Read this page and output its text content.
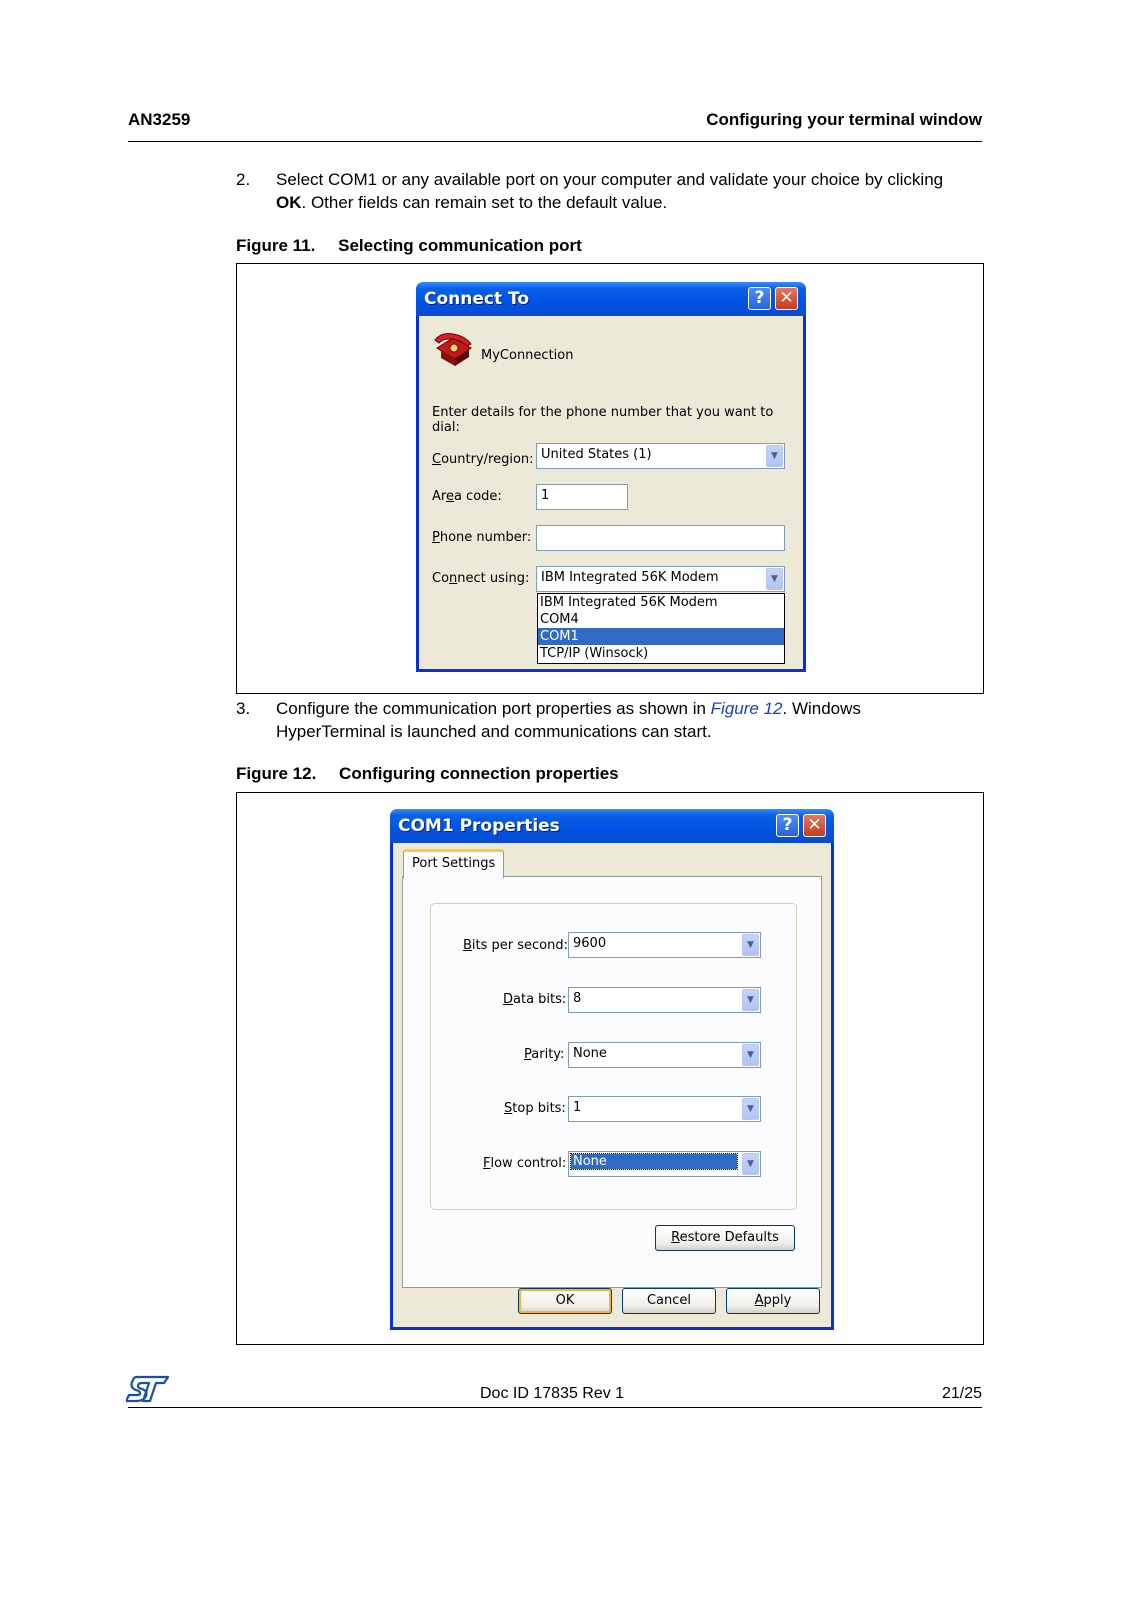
AN3259	Configuring your terminal window
2. Select COM1 or any available port on your computer and validate your choice by clicking OK. Other fields can remain set to the default value.
Figure 11. Selecting communication port
Connect To	? ✕
MyConnection
Enter details for the phone number that you want to dial:
Country/region: United States (1)	▼
Area code:	1
Phone number:
Connect using: IBM Integrated 56K Modem	▼
IBM Integrated 56K Modem
COM4
COM1
TCP/IP (Winsock)
3. Configure the communication port properties as shown in Figure 12. Windows HyperTerminal is launched and communications can start.
Figure 12. Configuring connection properties
COM1 Properties	? ✕
Port Settings
Bits per second: 9600	▼
Data bits: 8	▼
Parity: None	▼
Stop bits: 1	▼
Flow control: None	▼
Restore Defaults
OK	Cancel	Apply
Doc ID 17835 Rev 1	21/25
